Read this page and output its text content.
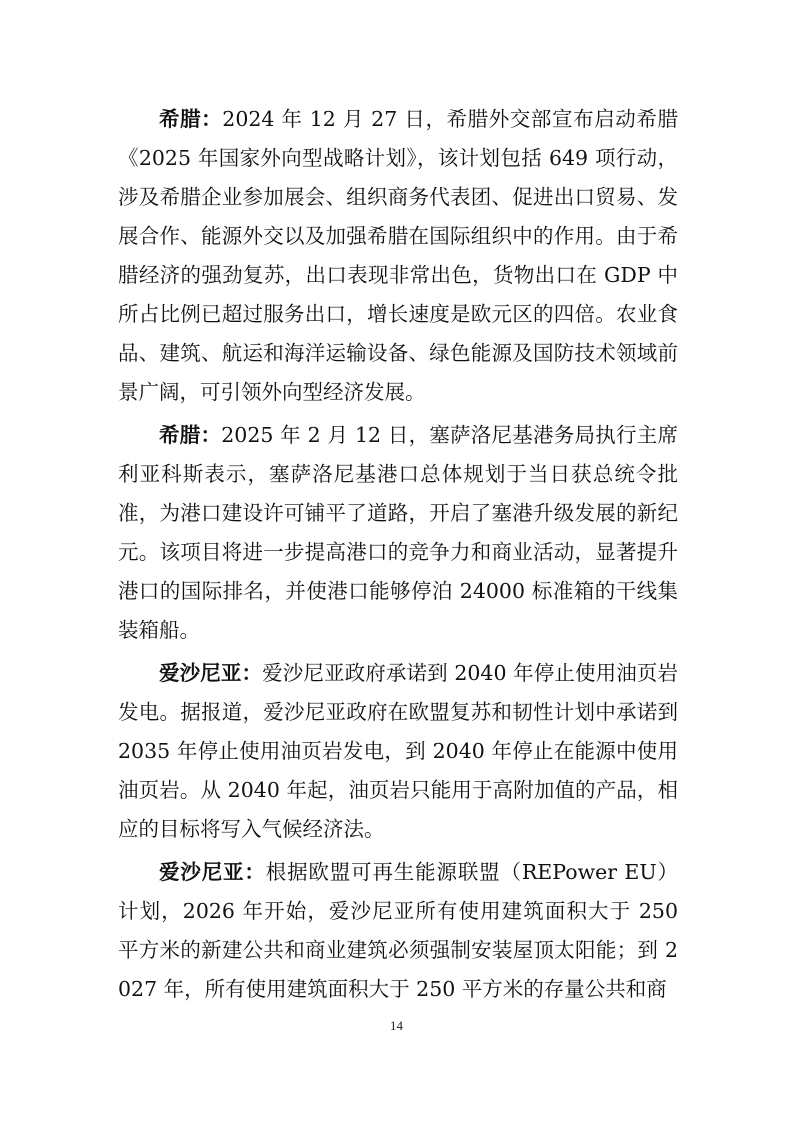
希腊：2024 年 12 月 27 日，希腊外交部宣布启动希腊《2025 年国家外向型战略计划》，该计划包括 649 项行动，涉及希腊企业参加展会、组织商务代表团、促进出口贸易、发展合作、能源外交以及加强希腊在国际组织中的作用。由于希腊经济的强劲复苏，出口表现非常出色，货物出口在 GDP 中所占比例已超过服务出口，增长速度是欧元区的四倍。农业食品、建筑、航运和海洋运输设备、绿色能源及国防技术领域前景广阔，可引领外向型经济发展。

希腊：2025 年 2 月 12 日，塞萨洛尼基港务局执行主席利亚科斯表示，塞萨洛尼基港口总体规划于当日获总统令批准，为港口建设许可铺平了道路，开启了塞港升级发展的新纪元。该项目将进一步提高港口的竞争力和商业活动，显著提升港口的国际排名，并使港口能够停泊 24000 标准箱的干线集装箱船。

爱沙尼亚：爱沙尼亚政府承诺到 2040 年停止使用油页岩发电。据报道，爱沙尼亚政府在欧盟复苏和韧性计划中承诺到 2035 年停止使用油页岩发电，到 2040 年停止在能源中使用油页岩。从 2040 年起，油页岩只能用于高附加值的产品，相应的目标将写入气候经济法。

爱沙尼亚：根据欧盟可再生能源联盟（REPower EU）计划，2026 年开始，爱沙尼亚所有使用建筑面积大于 250 平方米的新建公共和商业建筑必须强制安装屋顶太阳能；到 2027 年，所有使用建筑面积大于 250 平方米的存量公共和商

14
